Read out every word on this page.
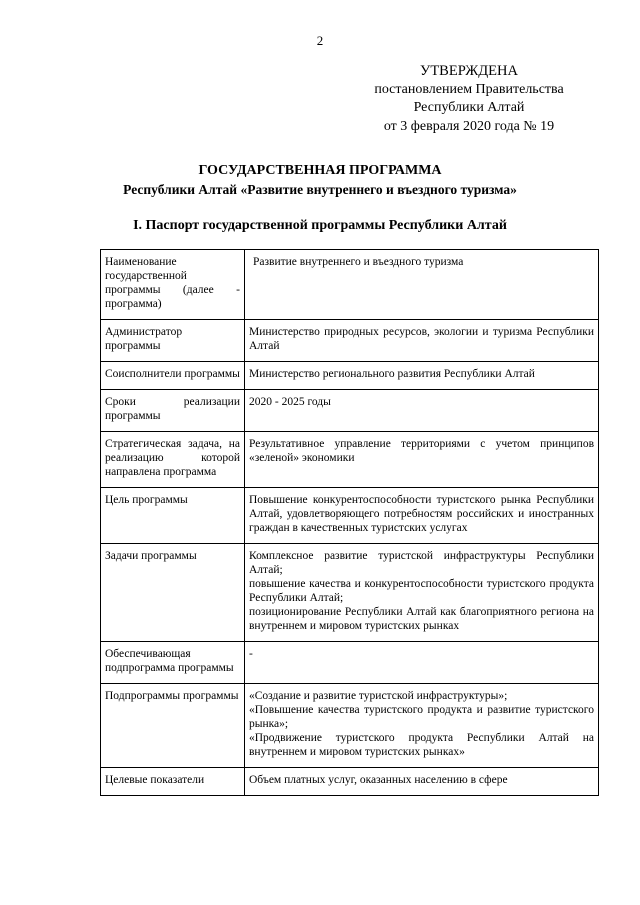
2
УТВЕРЖДЕНА
постановлением Правительства
Республики Алтай
от 3 февраля 2020 года № 19
ГОСУДАРСТВЕННАЯ ПРОГРАММА
Республики Алтай «Развитие внутреннего и въездного туризма»
I. Паспорт государственной программы Республики Алтай
Наименование государственной программы (далее - программа)	Развитие внутреннего и въездного туризма
Администратор программы	Министерство природных ресурсов, экологии и туризма Республики Алтай
Соисполнители программы	Министерство регионального развития Республики Алтай
Сроки реализации программы	2020 - 2025 годы
Стратегическая задача, на реализацию которой направлена программа	Результативное управление территориями с учетом принципов «зеленой» экономики
Цель программы	Повышение конкурентоспособности туристского рынка Республики Алтай, удовлетворяющего потребностям российских и иностранных граждан в качественных туристских услугах
Задачи программы	Комплексное развитие туристской инфраструктуры Республики Алтай;
повышение качества и конкурентоспособности туристского продукта Республики Алтай;
позиционирование Республики Алтай как благоприятного региона на внутреннем и мировом туристских рынках

Обеспечивающая подпрограмма программы	-
Подпрограммы программы	«Создание и развитие туристской инфраструктуры»;
«Повышение качества туристского продукта и развитие туристского рынка»;
«Продвижение туристского продукта Республики Алтай на внутреннем и мировом туристских рынках»

Целевые показатели	Объем платных услуг, оказанных населению в сфере
